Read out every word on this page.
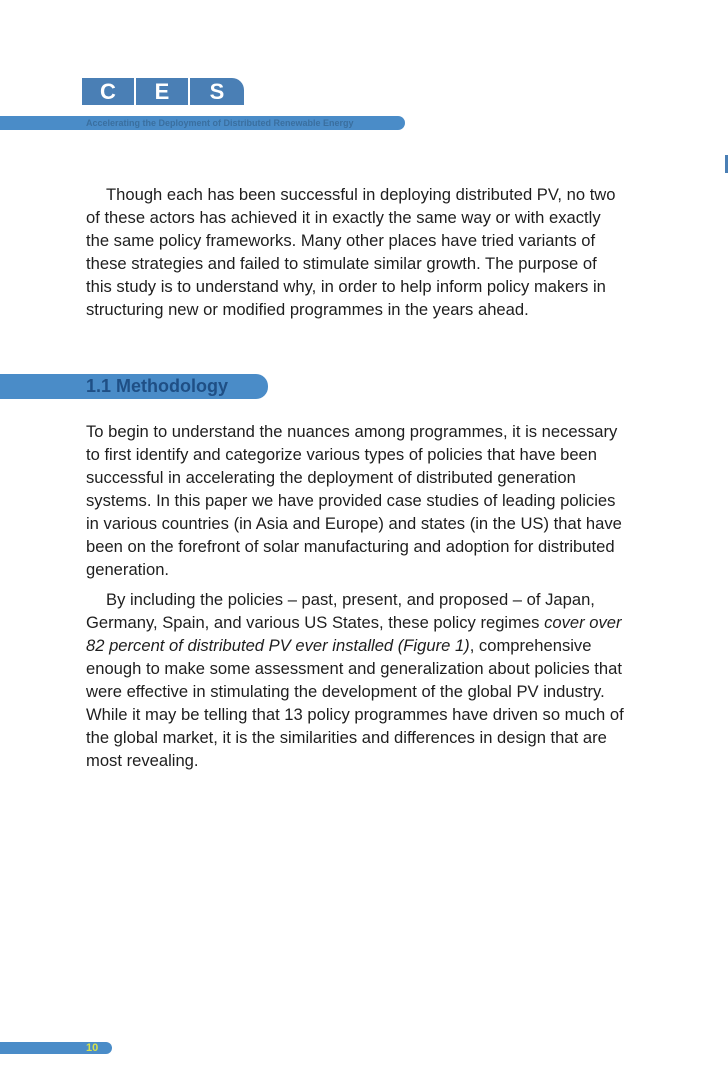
C	E	S
Accelerating the Deployment of Distributed Renewable Energy

Though each has been successful in deploying distributed PV, no two of these actors has achieved it in exactly the same way or with exactly the same policy frameworks. Many other places have tried variants of these strategies and failed to stimulate similar growth. The purpose of this study is to understand why, in order to help inform policy makers in structuring new or modified programmes in the years ahead.

1.1 Methodology

To begin to understand the nuances among programmes, it is necessary to first identify and categorize various types of policies that have been successful in accelerating the deployment of distributed generation systems. In this paper we have provided case studies of leading policies in various countries (in Asia and Europe) and states (in the US) that have been on the forefront of solar manufacturing and adoption for distributed generation.

By including the policies – past, present, and proposed – of Japan, Germany, Spain, and various US States, these policy regimes cover over 82 percent of distributed PV ever installed (Figure 1), comprehensive enough to make some assessment and generalization about policies that were effective in stimulating the development of the global PV industry. While it may be telling that 13 policy programmes have driven so much of the global market, it is the similarities and differences in design that are most revealing.

10
